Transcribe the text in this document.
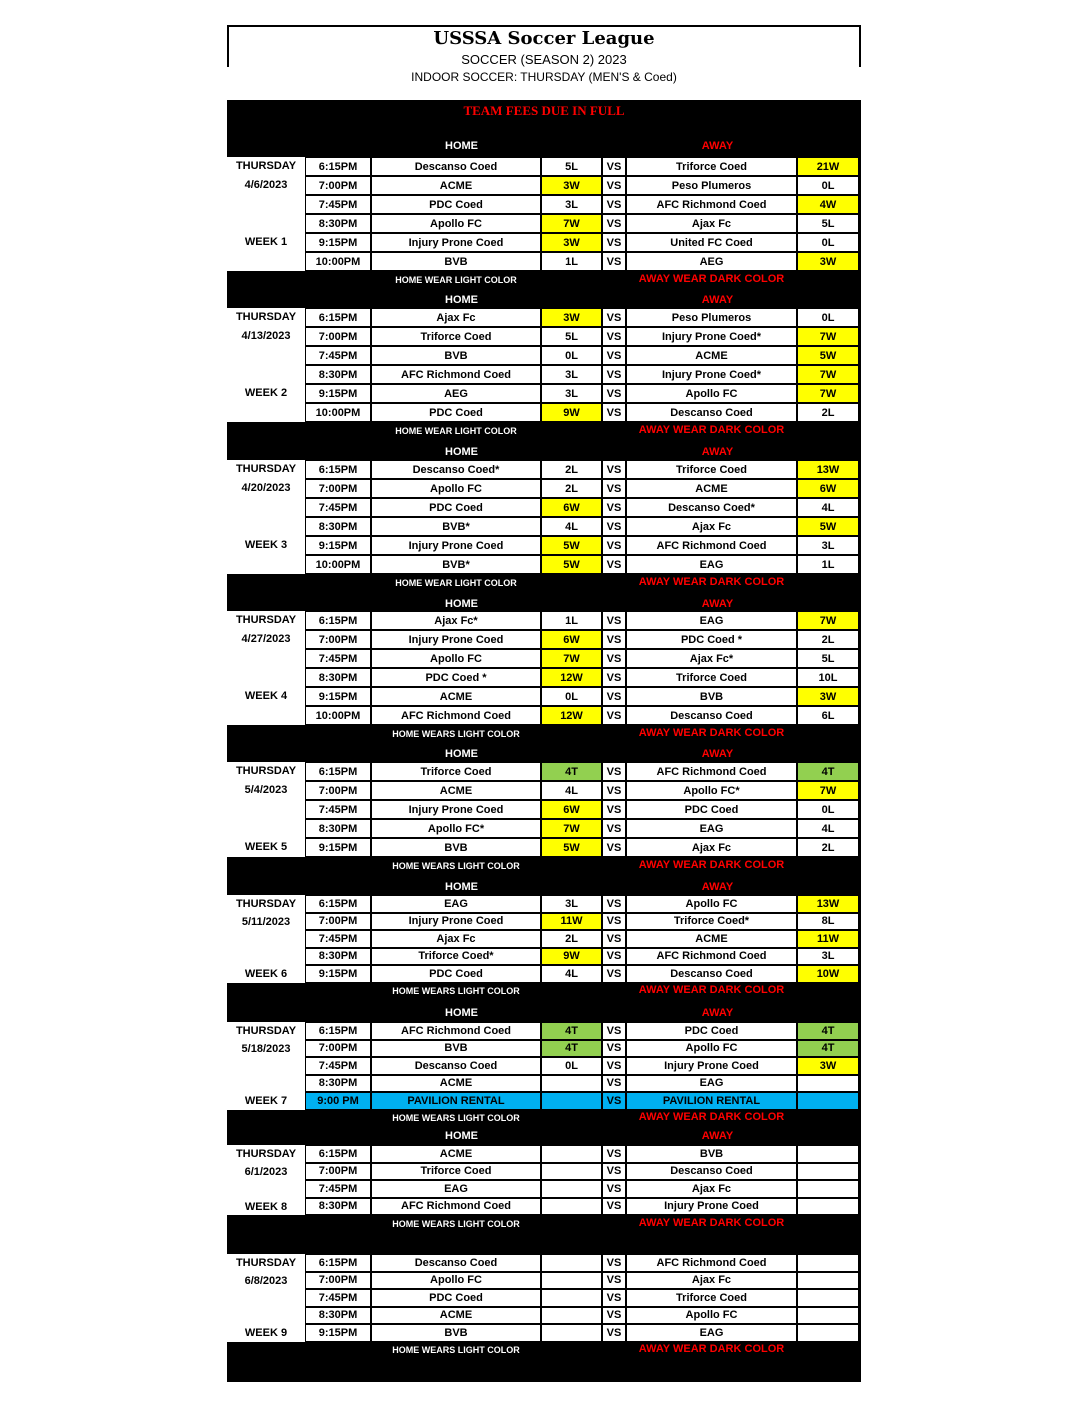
USSSA Soccer League
SOCCER (SEASON 2) 2023
INDOOR SOCCER: THURSDAY (MEN'S & Coed)
TEAM FEES DUE IN FULL
HOME	AWAY
THURSDAY
4/6/2023
WEEK 1
6:15PM	Descanso Coed	5L	VS	Triforce Coed	21W
7:00PM	ACME	3W	VS	Peso Plumeros	0L
7:45PM	PDC Coed	3L	VS	AFC Richmond Coed	4W
8:30PM	Apollo FC	7W	VS	Ajax Fc	5L
9:15PM	Injury Prone Coed	3W	VS	United FC Coed	0L
10:00PM	BVB	1L	VS	AEG	3W
HOME WEAR LIGHT COLOR	AWAY WEAR DARK COLOR
HOME	AWAY
THURSDAY
4/13/2023
WEEK 2
6:15PM	Ajax Fc	3W	VS	Peso Plumeros	0L
7:00PM	Triforce Coed	5L	VS	Injury Prone Coed*	7W
7:45PM	BVB	0L	VS	ACME	5W
8:30PM	AFC Richmond Coed	3L	VS	Injury Prone Coed*	7W
9:15PM	AEG	3L	VS	Apollo FC	7W
10:00PM	PDC Coed	9W	VS	Descanso Coed	2L
HOME WEAR LIGHT COLOR	AWAY WEAR DARK COLOR
HOME	AWAY
THURSDAY
4/20/2023
WEEK 3
6:15PM	Descanso Coed*	2L	VS	Triforce Coed	13W
7:00PM	Apollo FC	2L	VS	ACME	6W
7:45PM	PDC Coed	6W	VS	Descanso Coed*	4L
8:30PM	BVB*	4L	VS	Ajax Fc	5W
9:15PM	Injury Prone Coed	5W	VS	AFC Richmond Coed	3L
10:00PM	BVB*	5W	VS	EAG	1L
HOME WEAR LIGHT COLOR	AWAY WEAR DARK COLOR
HOME	AWAY
THURSDAY
4/27/2023
WEEK 4
6:15PM	Ajax Fc*	1L	VS	EAG	7W
7:00PM	Injury Prone Coed	6W	VS	PDC Coed *	2L
7:45PM	Apollo FC	7W	VS	Ajax Fc*	5L
8:30PM	PDC Coed *	12W	VS	Triforce Coed	10L
9:15PM	ACME	0L	VS	BVB	3W
10:00PM	AFC Richmond Coed	12W	VS	Descanso Coed	6L
HOME WEARS LIGHT COLOR	AWAY WEAR DARK COLOR
HOME	AWAY
THURSDAY
5/4/2023
WEEK 5
6:15PM	Triforce Coed	4T	VS	AFC Richmond Coed	4T
7:00PM	ACME	4L	VS	Apollo FC*	7W
7:45PM	Injury Prone Coed	6W	VS	PDC Coed	0L
8:30PM	Apollo FC*	7W	VS	EAG	4L
9:15PM	BVB	5W	VS	Ajax Fc	2L
HOME WEARS LIGHT COLOR	AWAY WEAR DARK COLOR
HOME	AWAY
THURSDAY
5/11/2023
WEEK 6
6:15PM	EAG	3L	VS	Apollo FC	13W
7:00PM	Injury Prone Coed	11W	VS	Triforce Coed*	8L
7:45PM	Ajax Fc	2L	VS	ACME	11W
8:30PM	Triforce Coed*	9W	VS	AFC Richmond Coed	3L
9:15PM	PDC Coed	4L	VS	Descanso Coed	10W
HOME WEARS LIGHT COLOR	AWAY WEAR DARK COLOR
HOME	AWAY
THURSDAY
5/18/2023
WEEK 7
6:15PM	AFC Richmond Coed	4T	VS	PDC Coed	4T
7:00PM	BVB	4T	VS	Apollo FC	4T
7:45PM	Descanso Coed	0L	VS	Injury Prone Coed	3W
8:30PM	ACME	VS	EAG
9:00 PM	PAVILION RENTAL	VS	PAVILION RENTAL
HOME WEARS LIGHT COLOR	AWAY WEAR DARK COLOR
HOME	AWAY
THURSDAY
6/1/2023
WEEK 8
6:15PM	ACME	VS	BVB
7:00PM	Triforce Coed	VS	Descanso Coed
7:45PM	EAG	VS	Ajax Fc
8:30PM	AFC Richmond Coed	VS	Injury Prone Coed
HOME WEARS LIGHT COLOR	AWAY WEAR DARK COLOR
THURSDAY
6/8/2023
WEEK 9
6:15PM	Descanso Coed	VS	AFC Richmond Coed
7:00PM	Apollo FC	VS	Ajax Fc
7:45PM	PDC Coed	VS	Triforce Coed
8:30PM	ACME	VS	Apollo FC
9:15PM	BVB	VS	EAG
HOME WEARS LIGHT COLOR	AWAY WEAR DARK COLOR
